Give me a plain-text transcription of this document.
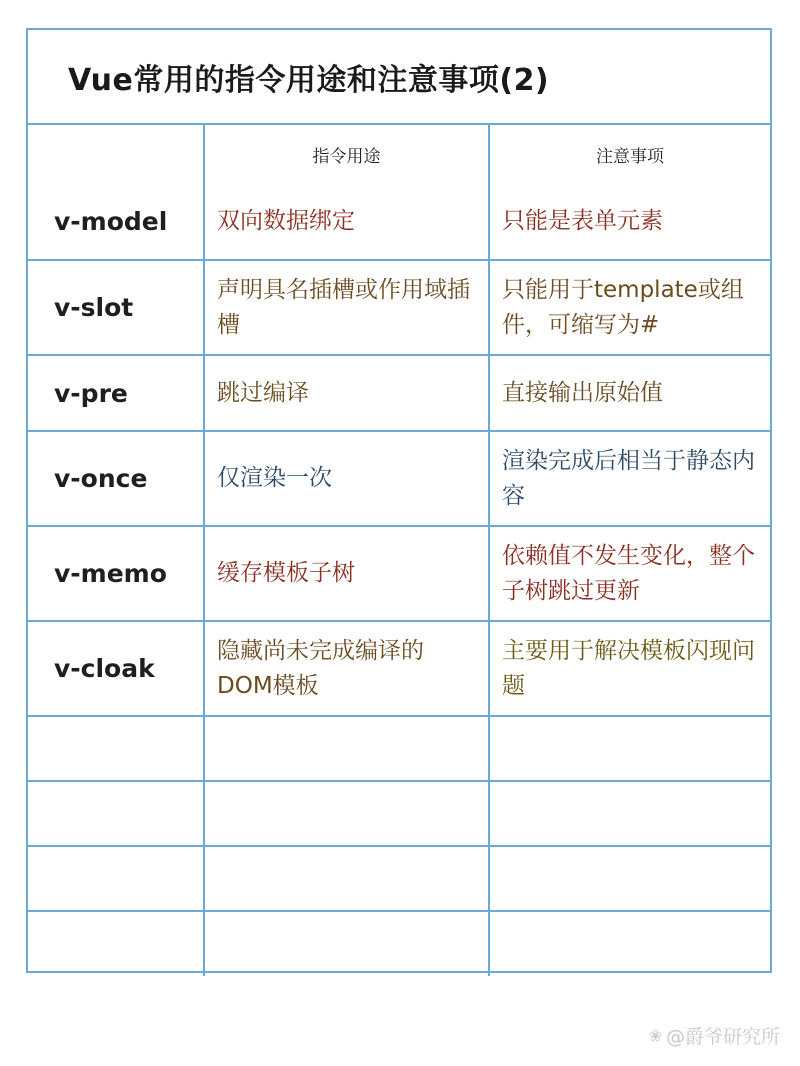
Vue常用的指令用途和注意事项(2)
	指令用途	注意事项
v-model	双向数据绑定	只能是表单元素
v-slot	声明具名插槽或作用域插槽	只能用于template或组件，可缩写为#
v-pre	跳过编译	直接输出原始值
v-once	仅渲染一次	渲染完成后相当于静态内容
v-memo	缓存模板子树	依赖值不发生变化，整个子树跳过更新
v-cloak	隐藏尚未完成编译的DOM模板	主要用于解决模板闪现问题

❀ @爵爷研究所
